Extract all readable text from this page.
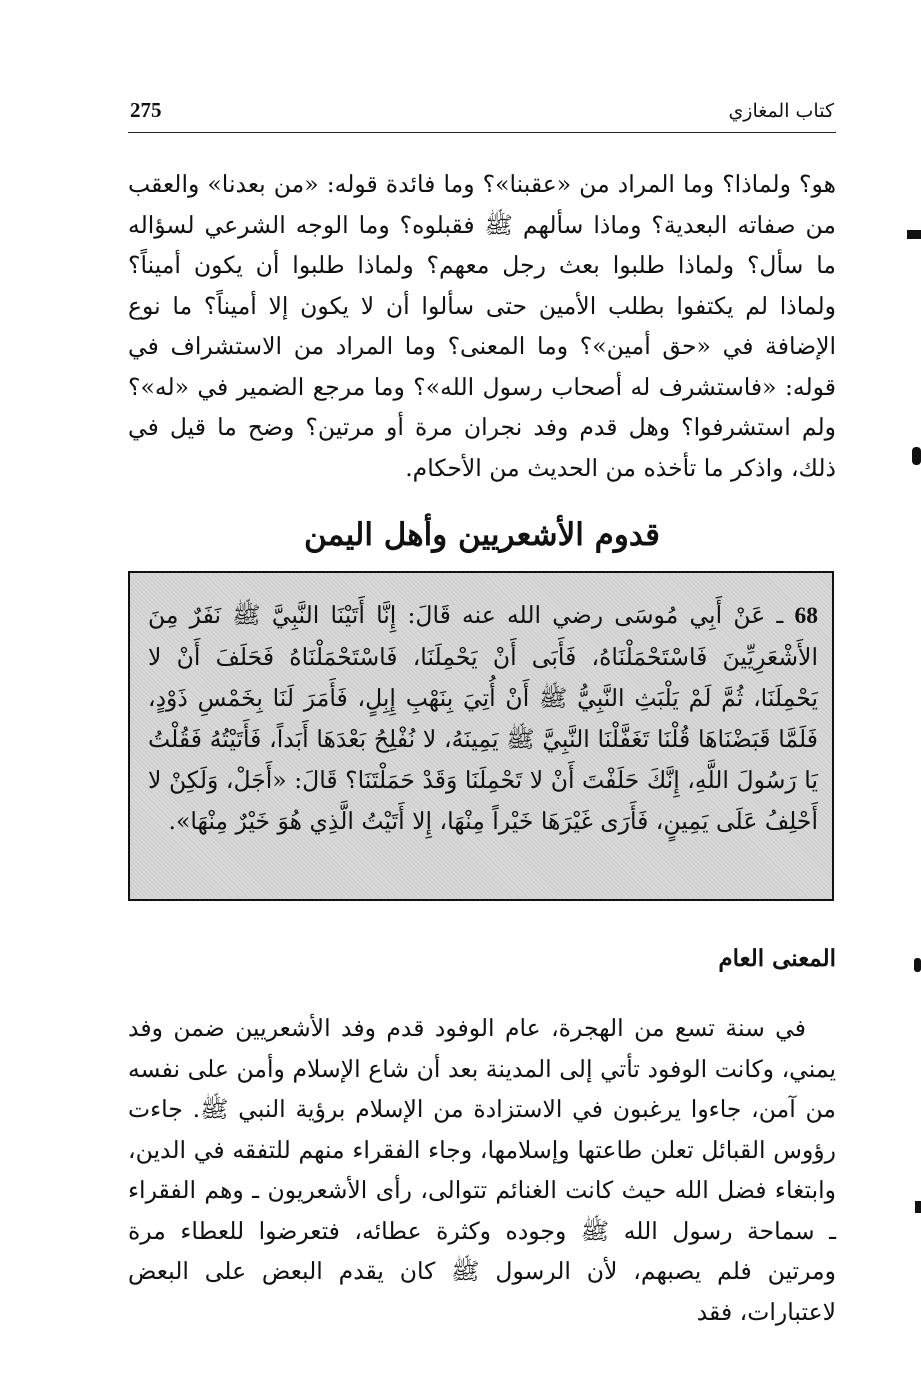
275	كتاب المغازي

هو؟ ولماذا؟ وما المراد من «عقبنا»؟ وما فائدة قوله: «من بعدنا» والعقب من صفاته البعدية؟ وماذا سألهم ﷺ فقبلوه؟ وما الوجه الشرعي لسؤاله ما سأل؟ ولماذا طلبوا بعث رجل معهم؟ ولماذا طلبوا أن يكون أميناً؟ ولماذا لم يكتفوا بطلب الأمين حتى سألوا أن لا يكون إلا أميناً؟ ما نوع الإضافة في «حق أمين»؟ وما المعنى؟ وما المراد من الاستشراف في قوله: «فاستشرف له أصحاب رسول الله»؟ وما مرجع الضمير في «له»؟ ولم استشرفوا؟ وهل قدم وفد نجران مرة أو مرتين؟ وضح ما قيل في ذلك، واذكر ما تأخذه من الحديث من الأحكام.

قدوم الأشعريين وأهل اليمن

68 ـ عَنْ أَبِي مُوسَى رضي الله عنه قَالَ: إِنَّا أَتَيْنَا النَّبِيَّ ﷺ نَفَرٌ مِنَ الأَشْعَرِيِّينَ فَاسْتَحْمَلْنَاهُ، فَأَبَى أَنْ يَحْمِلَنَا، فَاسْتَحْمَلْنَاهُ فَحَلَفَ أَنْ لا يَحْمِلَنَا، ثُمَّ لَمْ يَلْبَثِ النَّبِيُّ ﷺ أَنْ أُتِيَ بِنَهْبِ إِبِلٍ، فَأَمَرَ لَنَا بِخَمْسِ ذَوْدٍ، فَلَمَّا قَبَضْنَاهَا قُلْنَا تَغَفَّلْنَا النَّبِيَّ ﷺ يَمِينَهُ، لا نُفْلِحُ بَعْدَهَا أَبَداً، فَأَتَيْتُهُ فَقُلْتُ يَا رَسُولَ اللَّهِ، إِنَّكَ حَلَفْتَ أَنْ لا تَحْمِلَنَا وَقَدْ حَمَلْتَنَا؟ قَالَ: «أَجَلْ، وَلَكِنْ لا أَحْلِفُ عَلَى يَمِينٍ، فَأَرَى غَيْرَهَا خَيْراً مِنْهَا، إِلا أَتَيْتُ الَّذِي هُوَ خَيْرٌ مِنْهَا».

المعنى العام

في سنة تسع من الهجرة، عام الوفود قدم وفد الأشعريين ضمن وفد يمني، وكانت الوفود تأتي إلى المدينة بعد أن شاع الإسلام وأمن على نفسه من آمن، جاءوا يرغبون في الاستزادة من الإسلام برؤية النبي ﷺ. جاءت رؤوس القبائل تعلن طاعتها وإسلامها، وجاء الفقراء منهم للتفقه في الدين، وابتغاء فضل الله حيث كانت الغنائم تتوالى، رأى الأشعريون ـ وهم الفقراء ـ سماحة رسول الله ﷺ وجوده وكثرة عطائه، فتعرضوا للعطاء مرة ومرتين فلم يصبهم، لأن الرسول ﷺ كان يقدم البعض على البعض لاعتبارات، فقد
